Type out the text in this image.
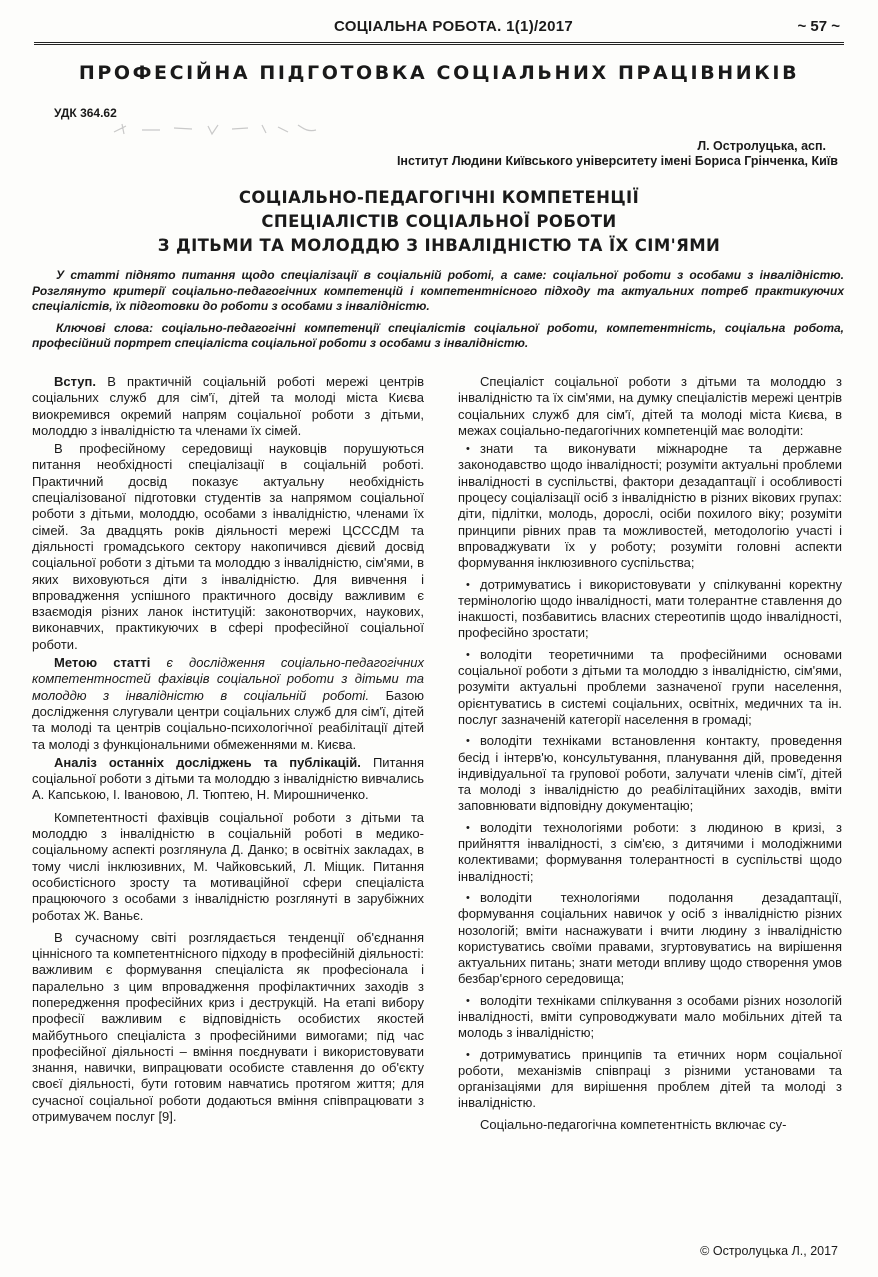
СОЦІАЛЬНА РОБОТА. 1(1)/2017	~ 57 ~
ПРОФЕСІЙНА ПІДГОТОВКА СОЦІАЛЬНИХ ПРАЦІВНИКІВ
УДК 364.62
Л. Остролуцька, асп.
Інститут Людини Київського університету імені Бориса Грінченка, Київ
СОЦІАЛЬНО-ПЕДАГОГІЧНІ КОМПЕТЕНЦІЇ
СПЕЦІАЛІСТІВ СОЦІАЛЬНОЇ РОБОТИ
З ДІТЬМИ ТА МОЛОДДЮ З ІНВАЛІДНІСТЮ ТА ЇХ СІМ'ЯМИ

У статті піднято питання щодо спеціалізації в соціальній роботі, а саме: соціальної роботи з особами з інвалідністю. Розглянуто критерії соціально-педагогічних компетенцій і компетентнісного підходу та актуальних потреб практикуючих спеціалістів, їх підготовки до роботи з особами з інвалідністю.

Ключові слова: соціально-педагогічні компетенції спеціалістів соціальної роботи, компетентність, соціальна робота, професійний портрет спеціаліста соціальної роботи з особами з інвалідністю.

Вступ. В практичній соціальній роботі мережі центрів соціальних служб для сім'ї, дітей та молоді міста Києва виокремився окремий напрям соціальної роботи з дітьми, молоддю з інвалідністю та членами їх сімей.

В професійному середовищі науковців порушуються питання необхідності спеціалізації в соціальній роботі. Практичний досвід показує актуальну необхідність спеціалізованої підготовки студентів за напрямом соціальної роботи з дітьми, молоддю, особами з інвалідністю, членами їх сімей. За двадцять років діяльності мережі ЦСССДМ та діяльності громадського сектору накопичився дієвий досвід соціальної роботи з дітьми та молоддю з інвалідністю, сім'ями, в яких виховуються діти з інвалідністю. Для вивчення і впровадження успішного практичного досвіду важливим є взаємодія різних ланок інституцій: законотворчих, наукових, виконавчих, практикуючих в сфері професійної соціальної роботи.

Метою статті є дослідження соціально-педагогічних компетентностей фахівців соціальної роботи з дітьми та молоддю з інвалідністю в соціальній роботі. Базою дослідження слугували центри соціальних служб для сім'ї, дітей та молоді та центрів соціально-психологічної реабілітації дітей та молоді з функціональними обмеженнями м. Києва.

Аналіз останніх досліджень та публікацій. Питання соціальної роботи з дітьми та молоддю з інвалідністю вивчались А. Капською, І. Івановою, Л. Тюптею, Н. Мирошниченко.

Компетентності фахівців соціальної роботи з дітьми та молоддю з інвалідністю в соціальній роботі в медико-соціальному аспекті розглянула Д. Данко; в освітніх закладах, в тому числі інклюзивних, М. Чайковський, Л. Міщик. Питання особистісного зросту та мотиваційної сфери спеціаліста працюючого з особами з інвалідністю розглянуті в зарубіжних роботах Ж. Ваньє.

В сучасному світі розглядається тенденції об'єднання ціннісного та компетентнісного підходу в професійній діяльності: важливим є формування спеціаліста як професіонала і паралельно з цим впровадження профілактичних заходів з попередження професійних криз і деструкцій. На етапі вибору професії важливим є відповідність особистих якостей майбутнього спеціаліста з професійними вимогами; під час професійної діяльності – вміння поєднувати і використовувати знання, навички, випрацювати особисте ставлення до об'єкту своєї діяльності, бути готовим навчатись протягом життя; для сучасної соціальної роботи додаються вміння співпрацювати з отримувачем послуг [9].

Спеціаліст соціальної роботи з дітьми та молоддю з інвалідністю та їх сім'ями, на думку спеціалістів мережі центрів соціальних служб для сім'ї, дітей та молоді міста Києва, в межах соціально-педагогічних компетенцій має володіти:

• знати та виконувати міжнародне та державне законодавство щодо інвалідності; розуміти актуальні проблеми інвалідності в суспільстві, фактори дезадаптації і особливості процесу соціалізації осіб з інвалідністю в різних вікових групах: діти, підлітки, молодь, дорослі, осіби похилого віку; розуміти принципи рівних прав та можливостей, методологію участі і впроваджувати їх у роботу; розуміти головні аспекти формування інклюзивного суспільства;
• дотримуватись і використовувати у спілкуванні коректну термінологію щодо інвалідності, мати толерантне ставлення до інакшості, позбавитись власних стереотипів щодо інвалідності, професійно зростати;
• володіти теоретичними та професійними основами соціальної роботи з дітьми та молоддю з інвалідністю, сім'ями, розуміти актуальні проблеми зазначеної групи населення, орієнтуватись в системі соціальних, освітніх, медичних та ін. послуг зазначеній категорії населення в громаді;
• володіти техніками встановлення контакту, проведення бесід і інтерв'ю, консультування, планування дій, проведення індивідуальної та групової роботи, залучати членів сім'ї, дітей та молоді з інвалідністю до реабілітаційних заходів, вміти заповнювати відповідну документацію;
• володіти технологіями роботи: з людиною в кризі, з прийняття інвалідності, з сім'єю, з дитячими і молодіжними колективами; формування толерантності в суспільстві щодо інвалідності;
• володіти технологіями подолання дезадаптації, формування соціальних навичок у осіб з інвалідністю різних нозологій; вміти наснажувати і вчити людину з інвалідністю користуватись своїми правами, згуртовуватись на вирішення актуальних питань; знати методи впливу щодо створення умов безбар'єрного середовища;
• володіти техніками спілкування з особами різних нозологій інвалідності, вміти супроводжувати мало мобільних дітей та молодь з інвалідністю;
• дотримуватись принципів та етичних норм соціальної роботи, механізмів співпраці з різними установами та організаціями для вирішення проблем дітей та молоді з інвалідністю.

Соціально-педагогічна компетентність включає су-

© Остролуцька Л., 2017
